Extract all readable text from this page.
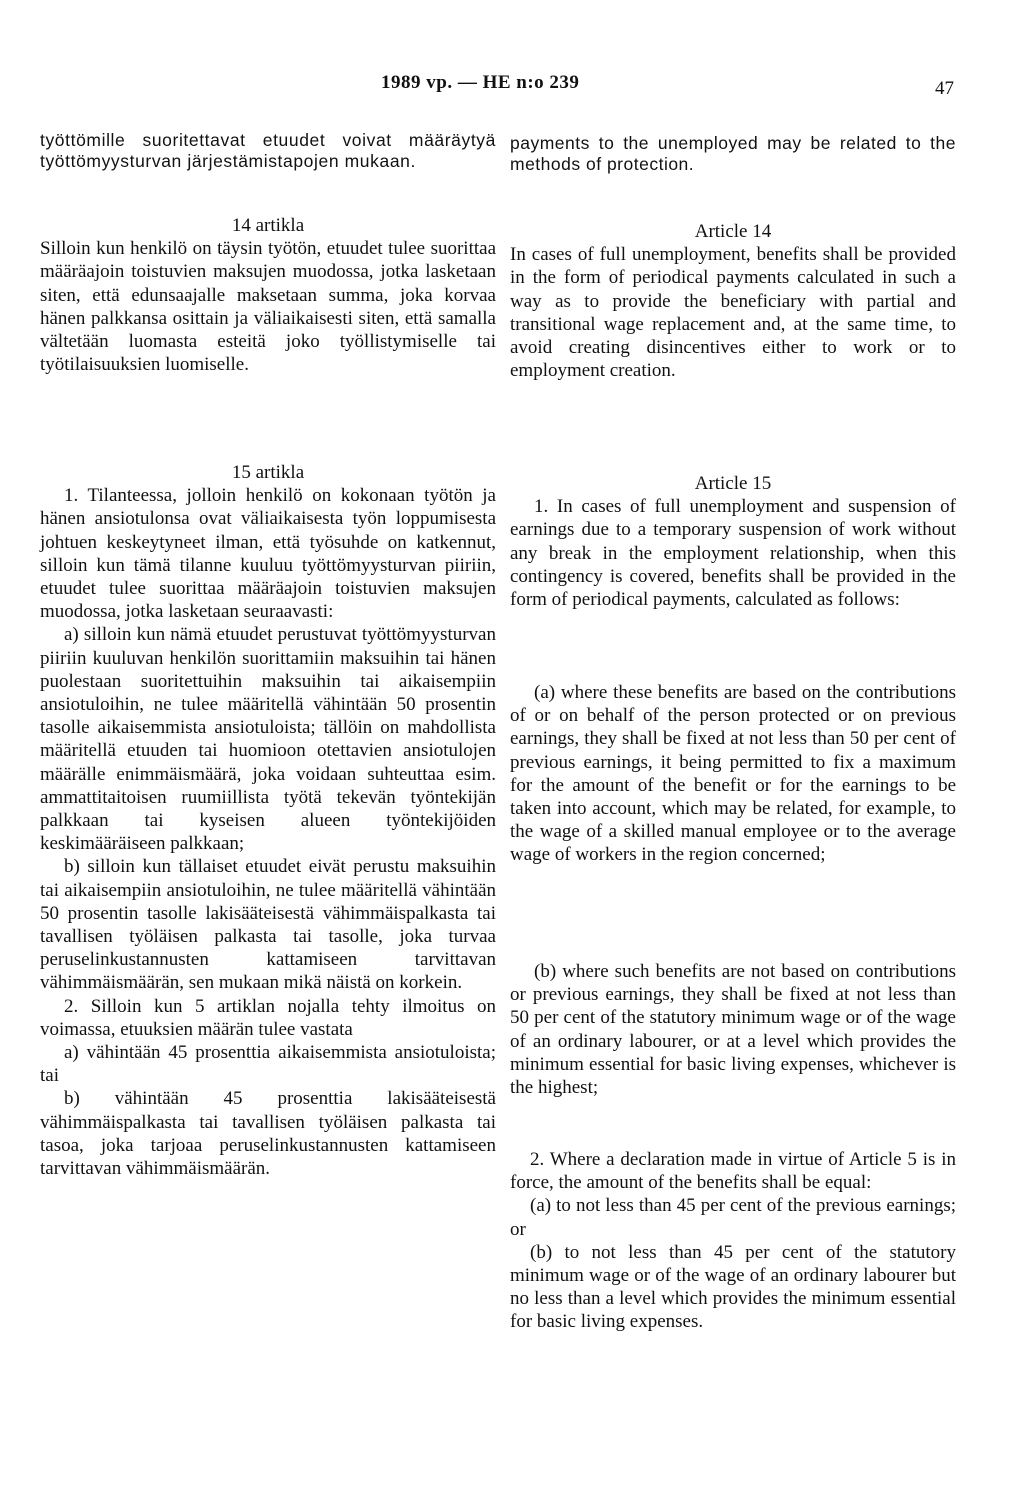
1989 vp. — HE n:o 239	47

työttömille suoritettavat etuudet voivat määräytyä työttömyysturvan järjestämistapojen mukaan.

14 artikla

Silloin kun henkilö on täysin työtön, etuudet tulee suorittaa määräajoin toistuvien maksujen muodossa, jotka lasketaan siten, että edunsaajalle maksetaan summa, joka korvaa hänen palkkansa osittain ja väliaikaisesti siten, että samalla vältetään luomasta esteitä joko työllistymiselle tai työtilaisuuksien luomiselle.

15 artikla

1. Tilanteessa, jolloin henkilö on kokonaan työtön ja hänen ansiotulonsa ovat väliaikaisesta työn loppumisesta johtuen keskeytyneet ilman, että työsuhde on katkennut, silloin kun tämä tilanne kuuluu työttömyysturvan piiriin, etuudet tulee suorittaa määräajoin toistuvien maksujen muodossa, jotka lasketaan seuraavasti:

a) silloin kun nämä etuudet perustuvat työttömyysturvan piiriin kuuluvan henkilön suorittamiin maksuihin tai hänen puolestaan suoritettuihin maksuihin tai aikaisempiin ansiotuloihin, ne tulee määritellä vähintään 50 prosentin tasolle aikaisemmista ansiotuloista; tällöin on mahdollista määritellä etuuden tai huomioon otettavien ansiotulojen määrälle enimmäismäärä, joka voidaan suhteuttaa esim. ammattitaitoisen ruumiillista työtä tekevän työntekijän palkkaan tai kyseisen alueen työntekijöiden keskimääräiseen palkkaan;

b) silloin kun tällaiset etuudet eivät perustu maksuihin tai aikaisempiin ansiotuloihin, ne tulee määritellä vähintään 50 prosentin tasolle lakisääteisestä vähimmäispalkasta tai tavallisen työläisen palkasta tai tasolle, joka turvaa peruselinkustannusten kattamiseen tarvittavan vähimmäismäärän, sen mukaan mikä näistä on korkein.

2. Silloin kun 5 artiklan nojalla tehty ilmoitus on voimassa, etuuksien määrän tulee vastata

a) vähintään 45 prosenttia aikaisemmista ansiotuloista; tai

b) vähintään 45 prosenttia lakisääteisestä vähimmäispalkasta tai tavallisen työläisen palkasta tai tasoa, joka tarjoaa peruselinkustannusten kattamiseen tarvittavan vähimmäismäärän.

payments to the unemployed may be related to the methods of protection.

Article 14

In cases of full unemployment, benefits shall be provided in the form of periodical payments calculated in such a way as to provide the beneficiary with partial and transitional wage replacement and, at the same time, to avoid creating disincentives either to work or to employment creation.

Article 15

1. In cases of full unemployment and suspension of earnings due to a temporary suspension of work without any break in the employment relationship, when this contingency is covered, benefits shall be provided in the form of periodical payments, calculated as follows:

(a) where these benefits are based on the contributions of or on behalf of the person protected or on previous earnings, they shall be fixed at not less than 50 per cent of previous earnings, it being permitted to fix a maximum for the amount of the benefit or for the earnings to be taken into account, which may be related, for example, to the wage of a skilled manual employee or to the average wage of workers in the region concerned;

(b) where such benefits are not based on contributions or previous earnings, they shall be fixed at not less than 50 per cent of the statutory minimum wage or of the wage of an ordinary labourer, or at a level which provides the minimum essential for basic living expenses, whichever is the highest;

2. Where a declaration made in virtue of Article 5 is in force, the amount of the benefits shall be equal:

(a) to not less than 45 per cent of the previous earnings; or

(b) to not less than 45 per cent of the statutory minimum wage or of the wage of an ordinary labourer but no less than a level which provides the minimum essential for basic living expenses.
